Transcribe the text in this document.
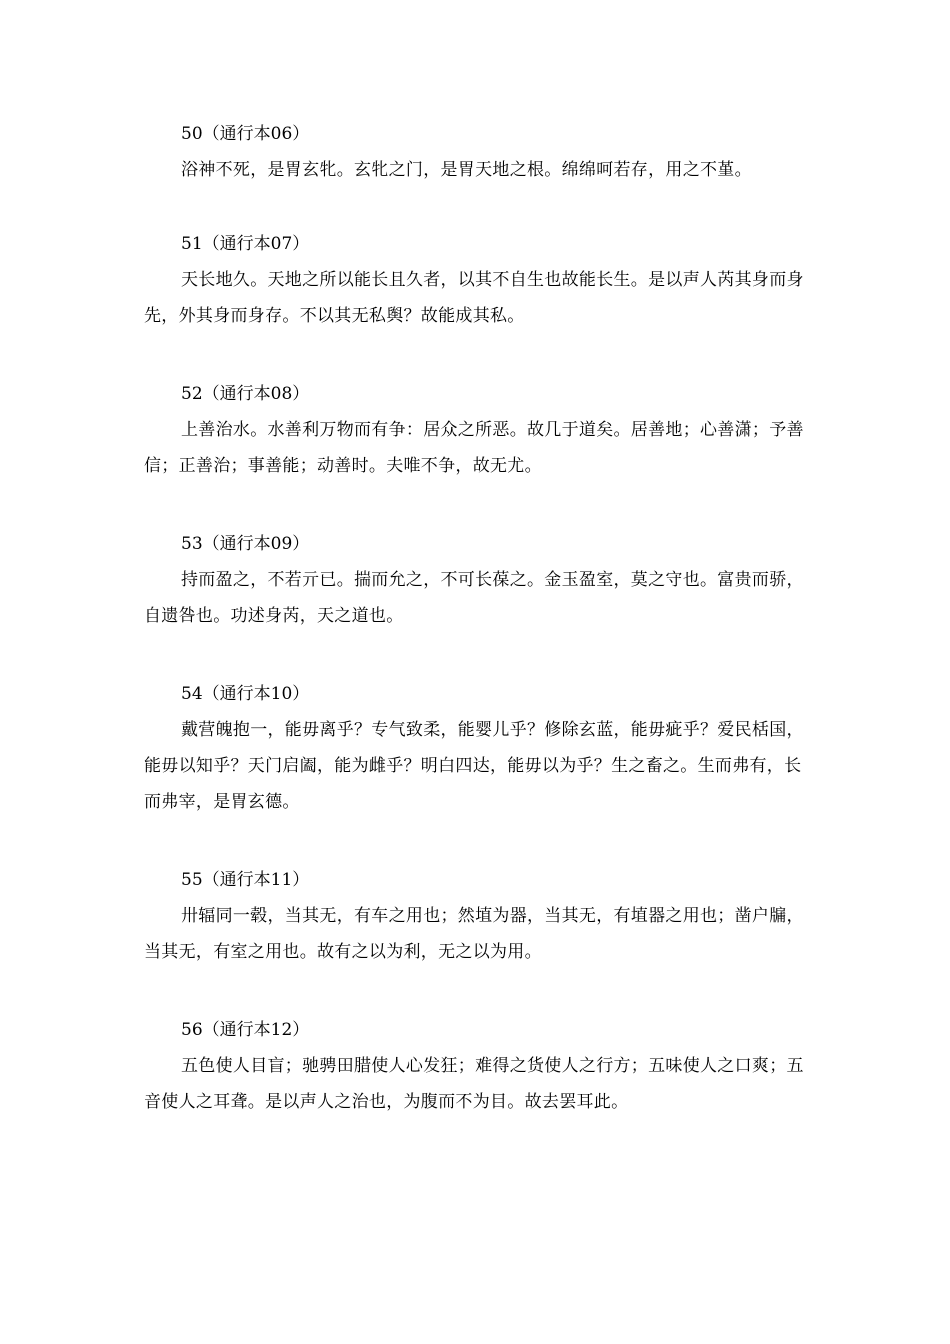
50（通行本06）

浴神不死，是胃玄牝。玄牝之门，是胃天地之根。绵绵呵若存，用之不堇。

51（通行本07）

天长地久。天地之所以能长且久者，以其不自生也故能长生。是以声人芮其身而身先，外其身而身存。不以其无私舆？故能成其私。

52（通行本08）

上善治水。水善利万物而有争：居众之所恶。故几于道矣。居善地；心善潇；予善信；正善治；事善能；动善时。夫唯不争，故无尤。

53（通行本09）

持而盈之，不若亓已。揣而允之，不可长葆之。金玉盈室，莫之守也。富贵而骄，自遗咎也。功述身芮，天之道也。

54（通行本10）

戴营魄抱一，能毋离乎？专气致柔，能婴儿乎？修除玄蓝，能毋疵乎？爱民栝国，能毋以知乎？天门启阖，能为雌乎？明白四达，能毋以为乎？生之畜之。生而弗有，长而弗宰，是胃玄德。

55（通行本11）

卅辐同一毂，当其无，有车之用也；然埴为器，当其无，有埴器之用也；凿户牖，当其无，有室之用也。故有之以为利，无之以为用。

56（通行本12）

五色使人目盲；驰骋田腊使人心发狂；难得之货使人之行方；五味使人之口爽；五音使人之耳聋。是以声人之治也，为腹而不为目。故去罢耳此。
